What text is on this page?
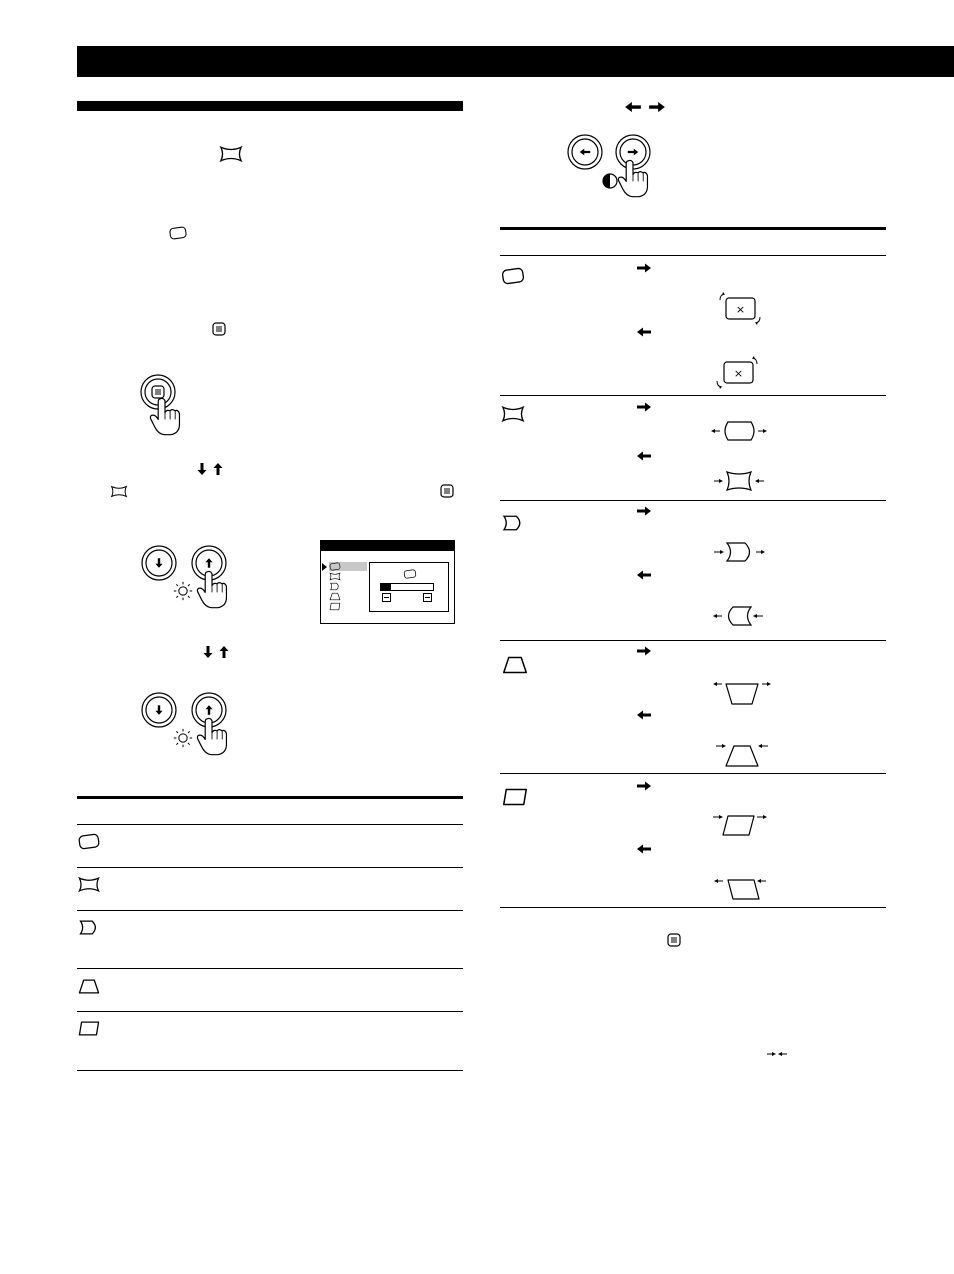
×
×
